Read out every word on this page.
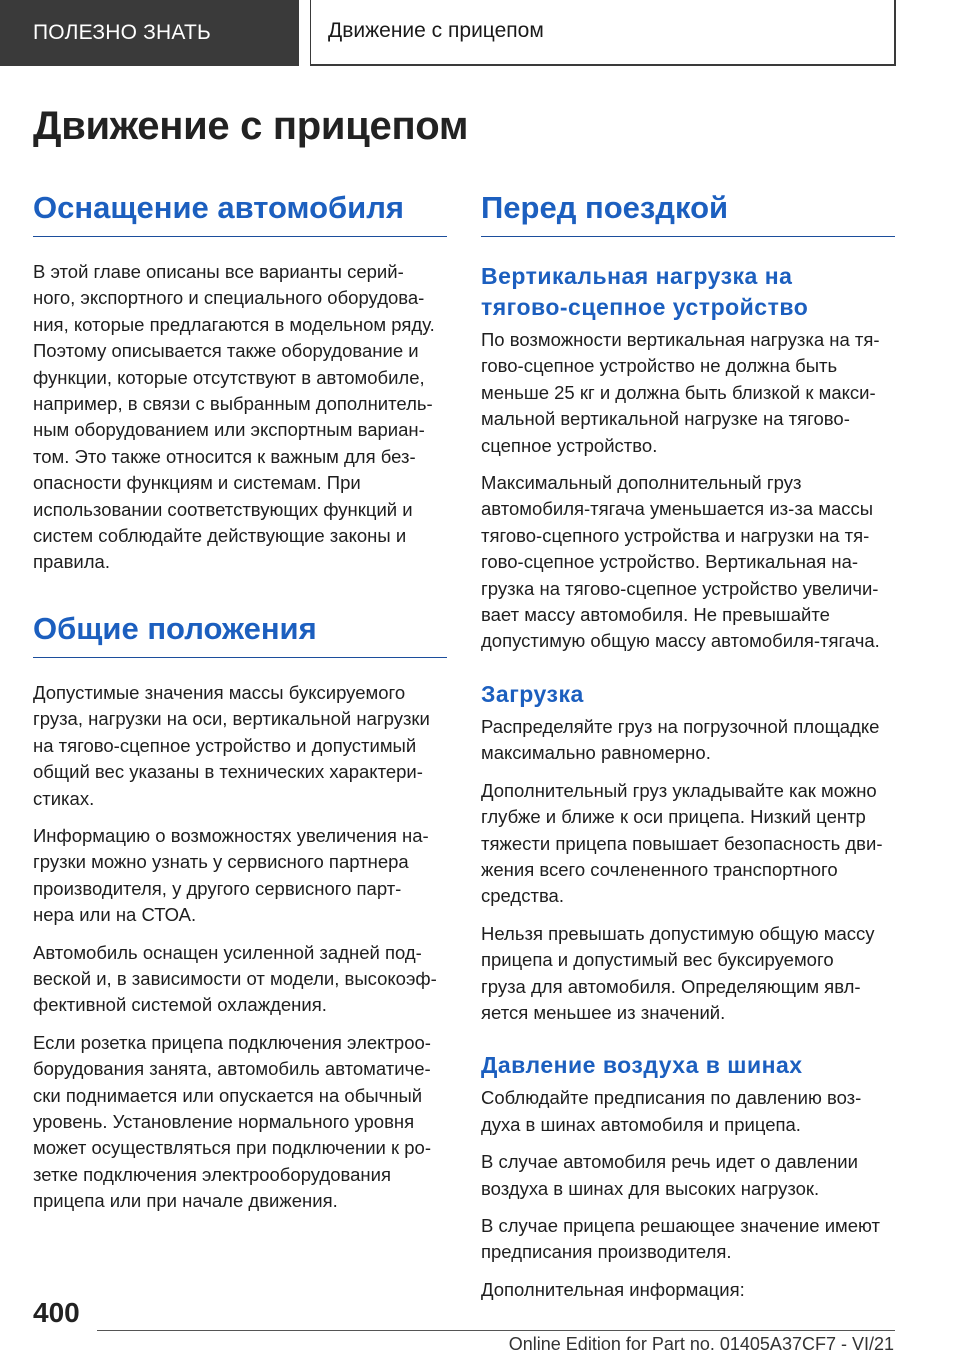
ПОЛЕЗНО ЗНАТЬ	Движение с прицепом
Движение с прицепом
Оснащение автомобиля

В этой главе описаны все варианты серий-
ного, экспортного и специального оборудова-
ния, которые предлагаются в модельном ряду.
Поэтому описывается также оборудование и
функции, которые отсутствуют в автомобиле,
например, в связи с выбранным дополнитель-
ным оборудованием или экспортным вариан-
том. Это также относится к важным для без-
опасности функциям и системам. При
использовании соответствующих функций и
систем соблюдайте действующие законы и
правила.

Общие положения

Допустимые значения массы буксируемого
груза, нагрузки на оси, вертикальной нагрузки
на тягово-сцепное устройство и допустимый
общий вес указаны в технических характери-
стиках.

Информацию о возможностях увеличения на-
грузки можно узнать у сервисного партнера
производителя, у другого сервисного парт-
нера или на СТОА.

Автомобиль оснащен усиленной задней под-
веской и, в зависимости от модели, высокоэф-
фективной системой охлаждения.

Если розетка прицепа подключения электроо-
борудования занята, автомобиль автоматиче-
ски поднимается или опускается на обычный
уровень. Установление нормального уровня
может осуществляться при подключении к ро-
зетке подключения электрооборудования
прицепа или при начале движения.

Перед поездкой
Вертикальная нагрузка на
тягово-сцепное устройство

По возможности вертикальная нагрузка на тя-
гово-сцепное устройство не должна быть
меньше 25 кг и должна быть близкой к макси-
мальной вертикальной нагрузке на тягово-
сцепное устройство.

Максимальный дополнительный груз
автомобиля-тягача уменьшается из-за массы
тягово-сцепного устройства и нагрузки на тя-
гово-сцепное устройство. Вертикальная на-
грузка на тягово-сцепное устройство увеличи-
вает массу автомобиля. Не превышайте
допустимую общую массу автомобиля-тягача.

Загрузка

Распределяйте груз на погрузочной площадке
максимально равномерно.

Дополнительный груз укладывайте как можно
глубже и ближе к оси прицепа. Низкий центр
тяжести прицепа повышает безопасность дви-
жения всего сочлененного транспортного
средства.

Нельзя превышать допустимую общую массу
прицепа и допустимый вес буксируемого
груза для автомобиля. Определяющим явл-
яется меньшее из значений.

Давление воздуха в шинах

Соблюдайте предписания по давлению воз-
духа в шинах автомобиля и прицепа.

В случае автомобиля речь идет о давлении
воздуха в шинах для высоких нагрузок.

В случае прицепа решающее значение имеют
предписания производителя.

Дополнительная информация:

400
Online Edition for Part no. 01405A37CF7 - VI/21
